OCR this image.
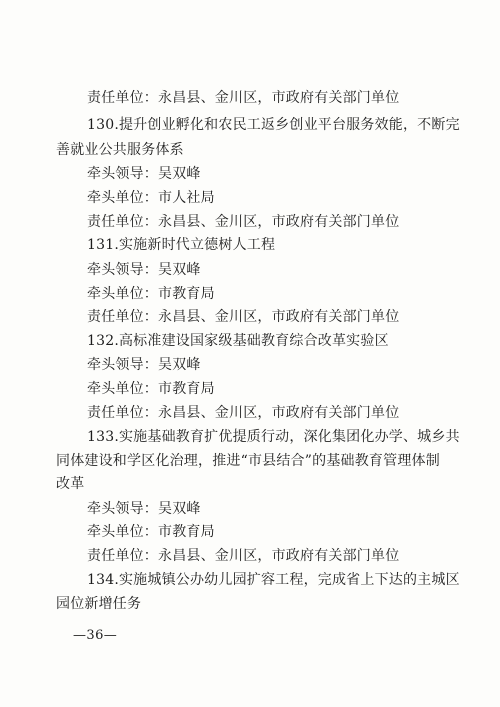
责任单位：永昌县、金川区，市政府有关部门单位
130.提升创业孵化和农民工返乡创业平台服务效能，不断完
善就业公共服务体系
牵头领导：吴双峰
牵头单位：市人社局
责任单位：永昌县、金川区，市政府有关部门单位
131.实施新时代立德树人工程
牵头领导：吴双峰
牵头单位：市教育局
责任单位：永昌县、金川区，市政府有关部门单位
132.高标准建设国家级基础教育综合改革实验区
牵头领导：吴双峰
牵头单位：市教育局
责任单位：永昌县、金川区，市政府有关部门单位
133.实施基础教育扩优提质行动，深化集团化办学、城乡共
同体建设和学区化治理，推进“市县结合”的基础教育管理体制
改革
牵头领导：吴双峰
牵头单位：市教育局
责任单位：永昌县、金川区，市政府有关部门单位
134.实施城镇公办幼儿园扩容工程，完成省上下达的主城区
园位新增任务
—36—
